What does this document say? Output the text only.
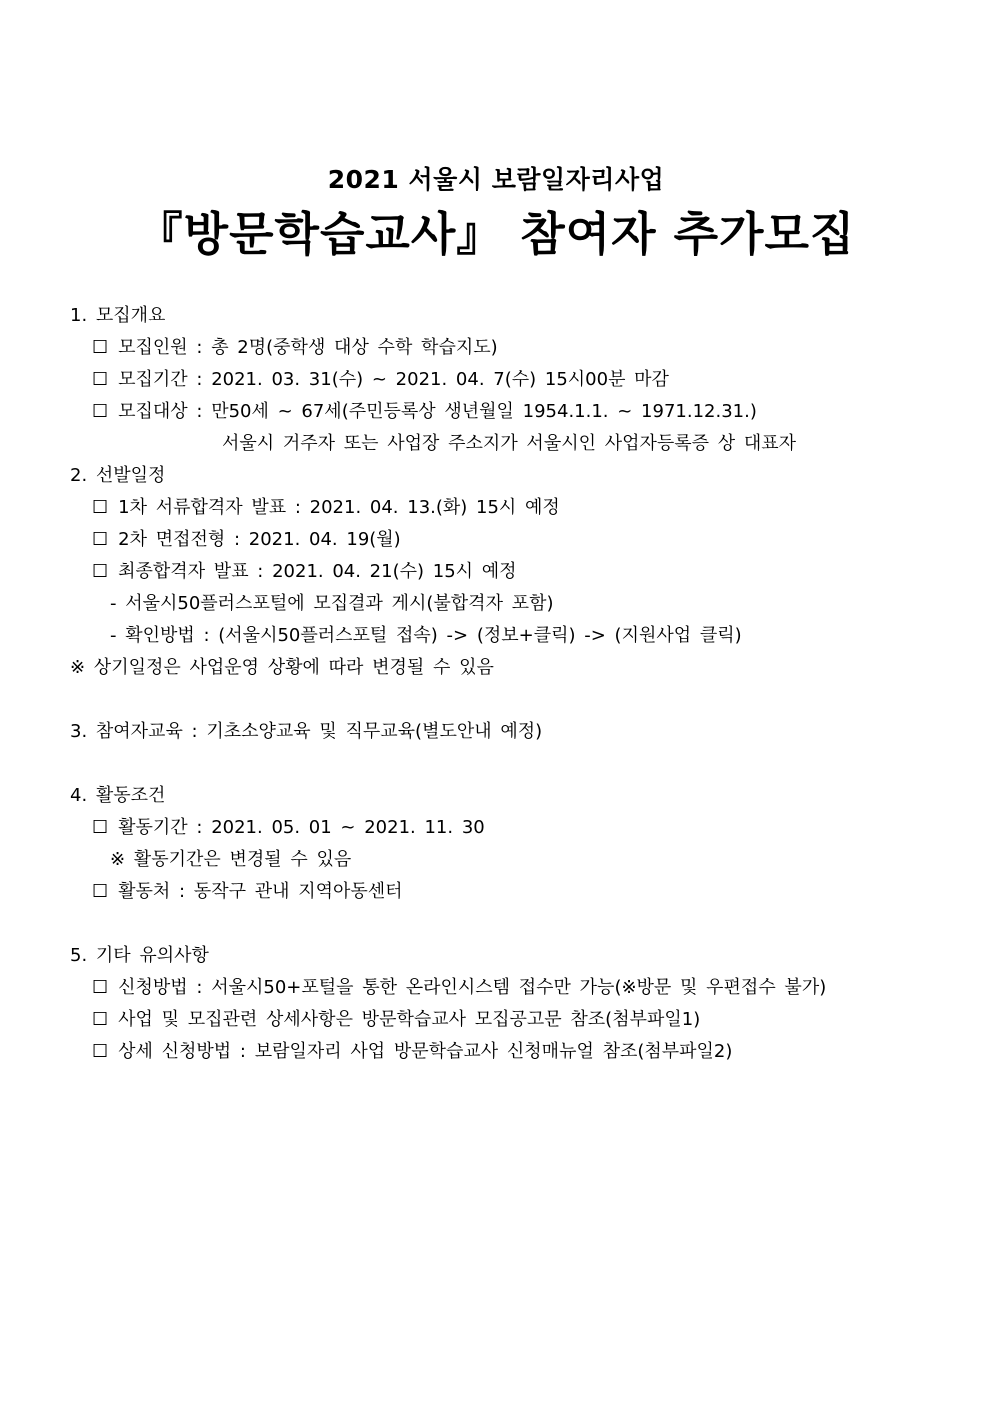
2021 서울시 보람일자리사업
『방문학습교사』 참여자 추가모집
1. 모집개요
☐ 모집인원 : 총 2명(중학생 대상 수학 학습지도)
☐ 모집기간 : 2021. 03. 31(수) ~ 2021. 04. 7(수) 15시00분 마감
☐ 모집대상 : 만50세 ~ 67세(주민등록상 생년월일 1954.1.1. ~ 1971.12.31.)
서울시 거주자 또는 사업장 주소지가 서울시인 사업자등록증 상 대표자
2. 선발일정
☐ 1차 서류합격자 발표 : 2021. 04. 13.(화) 15시 예정
☐ 2차 면접전형 : 2021. 04. 19(월)
☐ 최종합격자 발표 : 2021. 04. 21(수) 15시 예정
- 서울시50플러스포털에 모집결과 게시(불합격자 포함)
- 확인방법 : (서울시50플러스포털 접속) -> (정보+클릭) -> (지원사업 클릭)
※ 상기일정은 사업운영 상황에 따라 변경될 수 있음
3. 참여자교육 : 기초소양교육 및 직무교육(별도안내 예정)
4. 활동조건
☐ 활동기간 : 2021. 05. 01 ~ 2021. 11. 30
※ 활동기간은 변경될 수 있음
☐ 활동처 : 동작구 관내 지역아동센터
5. 기타 유의사항
☐ 신청방법 : 서울시50+포털을 통한 온라인시스템 접수만 가능(※방문 및 우편접수 불가)
☐ 사업 및 모집관련 상세사항은 방문학습교사 모집공고문 참조(첨부파일1)
☐ 상세 신청방법 : 보람일자리 사업 방문학습교사 신청매뉴얼 참조(첨부파일2)
